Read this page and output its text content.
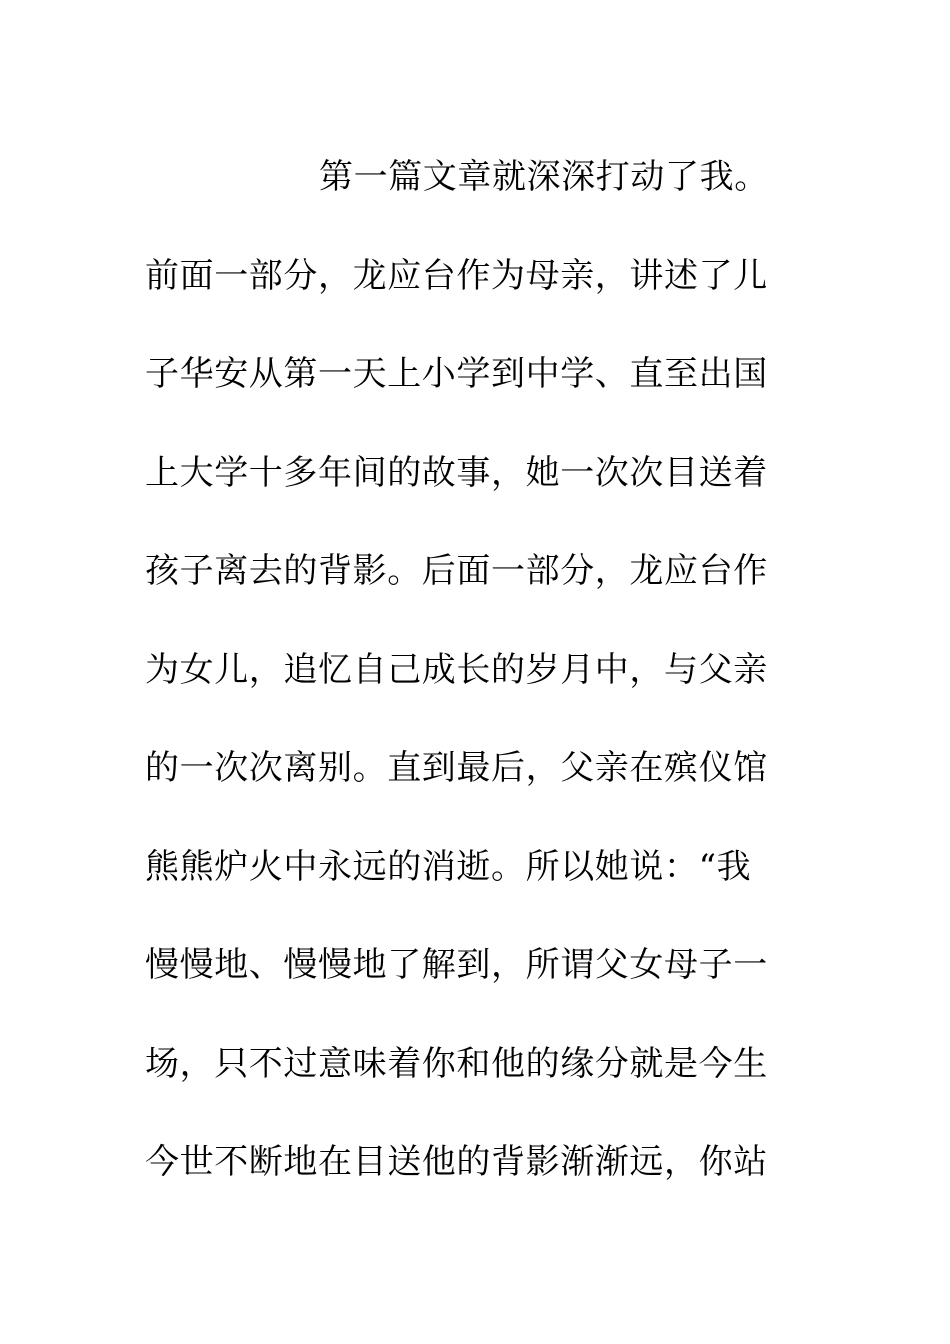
第一篇文章就深深打动了我。
前面一部分，龙应台作为母亲，讲述了儿
子华安从第一天上小学到中学、直至出国
上大学十多年间的故事，她一次次目送着
孩子离去的背影。后面一部分，龙应台作
为女儿，追忆自己成长的岁月中，与父亲
的一次次离别。直到最后，父亲在殡仪馆
熊熊炉火中永远的消逝。所以她说：“我
慢慢地、慢慢地了解到，所谓父女母子一
场，只不过意味着你和他的缘分就是今生
今世不断地在目送他的背影渐渐远，你站
